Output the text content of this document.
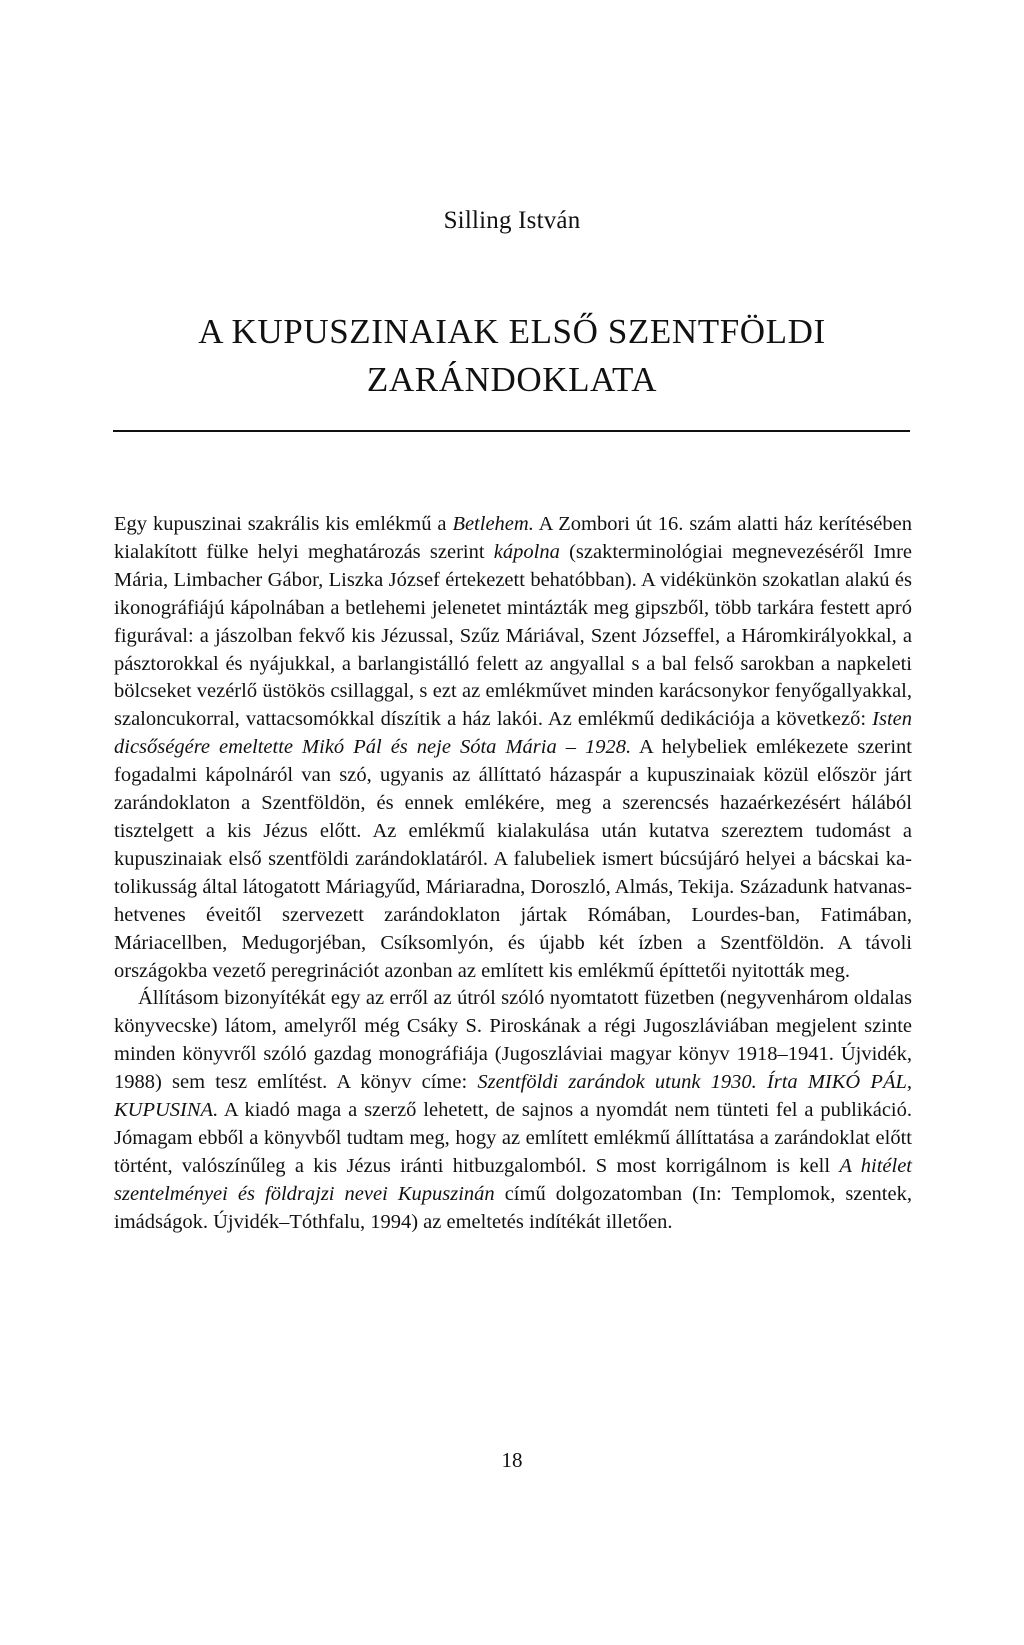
Silling István
A KUPUSZINAIAK ELSŐ SZENTFÖLDI
ZARÁNDOKLATA

Egy kupuszinai szakrális kis emlékmű a Betlehem. A Zombori út 16. szám alatti ház kerítésében kialakított fülke helyi meghatározás szerint kápolna (szakterminológiai megnevezéséről Imre Mária, Limbacher Gábor, Liszka József értekezett behatóbban). A vidékünkön szokatlan alakú és ikonográfiájú kápolnában a betlehemi jelenetet mintázták meg gipszből, több tarkára festett apró figurával: a jászolban fekvő kis Jézussal, Szűz Máriával, Szent Józseffel, a Háromkirályokkal, a pásztorokkal és nyájukkal, a barlangistálló felett az angyallal s a bal felső sarokban a napkeleti bölcseket vezérlő üstökös csillaggal, s ezt az emlékművet minden karácsonykor fenyőgallyakkal, szaloncukorral, vattacsomókkal díszítik a ház lakói. Az emlékmű dedikációja a következő: Isten dicsőségére emeltette Mikó Pál és neje Sóta Mária – 1928. A helybeliek emlékezete szerint fogadalmi kápolnáról van szó, ugyanis az állíttató házaspár a kupuszinaiak közül először járt zarándoklaton a Szentföldön, és ennek emlékére, meg a szerencsés hazaérkezésért hálából tisztelgett a kis Jézus előtt. Az emlékmű kialakulása után kutatva szereztem tudomást a kupuszinaiak első szentföldi zarándoklatáról. A falubeliek ismert búcsújáró helyei a bácskai katolikusság által látogatott Máriagyűd, Máriaradna, Doroszló, Almás, Tekija. Századunk hatvanas-hetvenes éveitől szervezett zarándoklaton jártak Rómában, Lourdes-ban, Fatimában, Máriacellben, Medugorjéban, Csíksomlyón, és újabb két ízben a Szentföldön. A távoli országokba vezető peregrinációt azonban az említett kis emlékmű építtetői nyitották meg.

Állításom bizonyítékát egy az erről az útról szóló nyomtatott füzetben (negyvenhárom oldalas könyvecske) látom, amelyről még Csáky S. Piroskának a régi Jugoszláviában megjelent szinte minden könyvről szóló gazdag monográfiája (Jugoszláviai magyar könyv 1918–1941. Újvidék, 1988) sem tesz említést. A könyv címe: Szentföldi zarándok utunk 1930. Írta MIKÓ PÁL, KUPUSINA. A kiadó maga a szerző lehetett, de sajnos a nyomdát nem tünteti fel a publikáció. Jómagam ebből a könyvből tudtam meg, hogy az említett emlékmű állíttatása a zarándoklat előtt történt, valószínűleg a kis Jézus iránti hitbuzgalomból. S most korrigálnom is kell A hitélet szentelményei és földrajzi nevei Kupuszinán című dolgozatomban (In: Templomok, szentek, imádságok. Újvidék–Tóthfalu, 1994) az emeltetés indítékát illetően.

18
